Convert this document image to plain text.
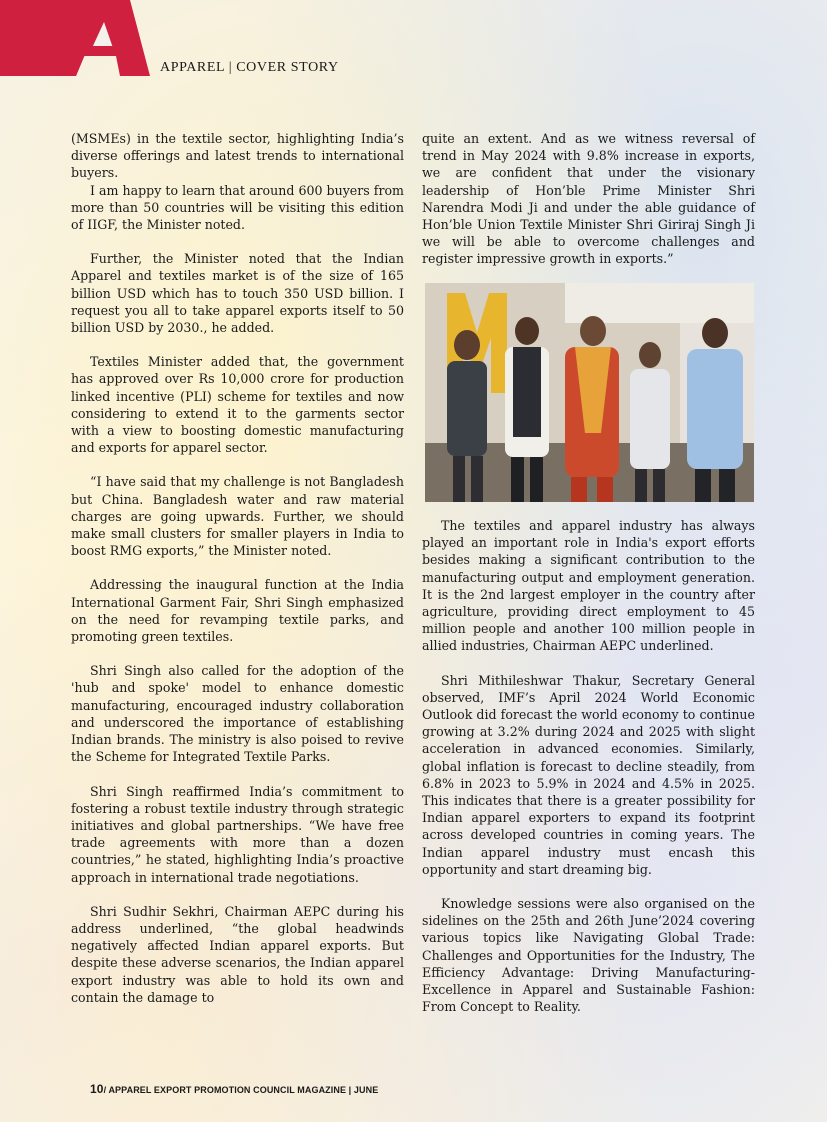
APPAREL | COVER STORY

(MSMEs) in the textile sector, highlighting India’s diverse offerings and latest trends to international buyers.

I am happy to learn that around 600 buyers from more than 50 countries will be visiting this edition of IIGF, the Minister noted.

Further, the Minister noted that the Indian Apparel and textiles market is of the size of 165 billion USD which has to touch 350 USD billion. I request you all to take apparel exports itself to 50 billion USD by 2030., he added.

Textiles Minister added that, the government has approved over Rs 10,000 crore for production linked incentive (PLI) scheme for textiles and now considering to extend it to the garments sector with a view to boosting domestic manufacturing and exports for apparel sector.

“I have said that my challenge is not Bangladesh but China. Bangladesh water and raw material charges are going upwards. Further, we should make small clusters for smaller players in India to boost RMG exports,” the Minister noted.

Addressing the inaugural function at the India International Garment Fair, Shri Singh emphasized on the need for revamping textile parks, and promoting green textiles.

Shri Singh also called for the adoption of the 'hub and spoke' model to enhance domestic manufacturing, encouraged industry collaboration and underscored the importance of establishing Indian brands. The ministry is also poised to revive the Scheme for Integrated Textile Parks.

Shri Singh reaffirmed India’s commitment to fostering a robust textile industry through strategic initiatives and global partnerships. “We have free trade agreements with more than a dozen countries,” he stated, highlighting India’s proactive approach in international trade negotiations.

Shri Sudhir Sekhri, Chairman AEPC during his address underlined, “the global headwinds negatively affected Indian apparel exports. But despite these adverse scenarios, the Indian apparel export industry was able to hold its own and contain the damage to

quite an extent. And as we witness reversal of trend in May 2024 with 9.8% increase in exports, we are confident that under the visionary leadership of Hon’ble Prime Minister Shri Narendra Modi Ji and under the able guidance of Hon’ble Union Textile Minister Shri Giriraj Singh Ji we will be able to overcome challenges and register impressive growth in exports.”

The textiles and apparel industry has always played an important role in India's export efforts besides making a significant contribution to the manufacturing output and employment generation. It is the 2nd largest employer in the country after agriculture, providing direct employment to 45 million people and another 100 million people in allied industries, Chairman AEPC underlined.

Shri Mithileshwar Thakur, Secretary General observed, IMF’s April 2024 World Economic Outlook did forecast the world economy to continue growing at 3.2% during 2024 and 2025 with slight acceleration in advanced economies. Similarly, global inflation is forecast to decline steadily, from 6.8% in 2023 to 5.9% in 2024 and 4.5% in 2025. This indicates that there is a greater possibility for Indian apparel exporters to expand its footprint across developed countries in coming years. The Indian apparel industry must encash this opportunity and start dreaming big.

Knowledge sessions were also organised on the sidelines on the 25th and 26th June’2024 covering various topics like Navigating Global Trade: Challenges and Opportunities for the Industry, The Efficiency Advantage: Driving Manufacturing- Excellence in Apparel and Sustainable Fashion: From Concept to Reality.

10/ APPAREL EXPORT PROMOTION COUNCIL MAGAZINE | JUNE
